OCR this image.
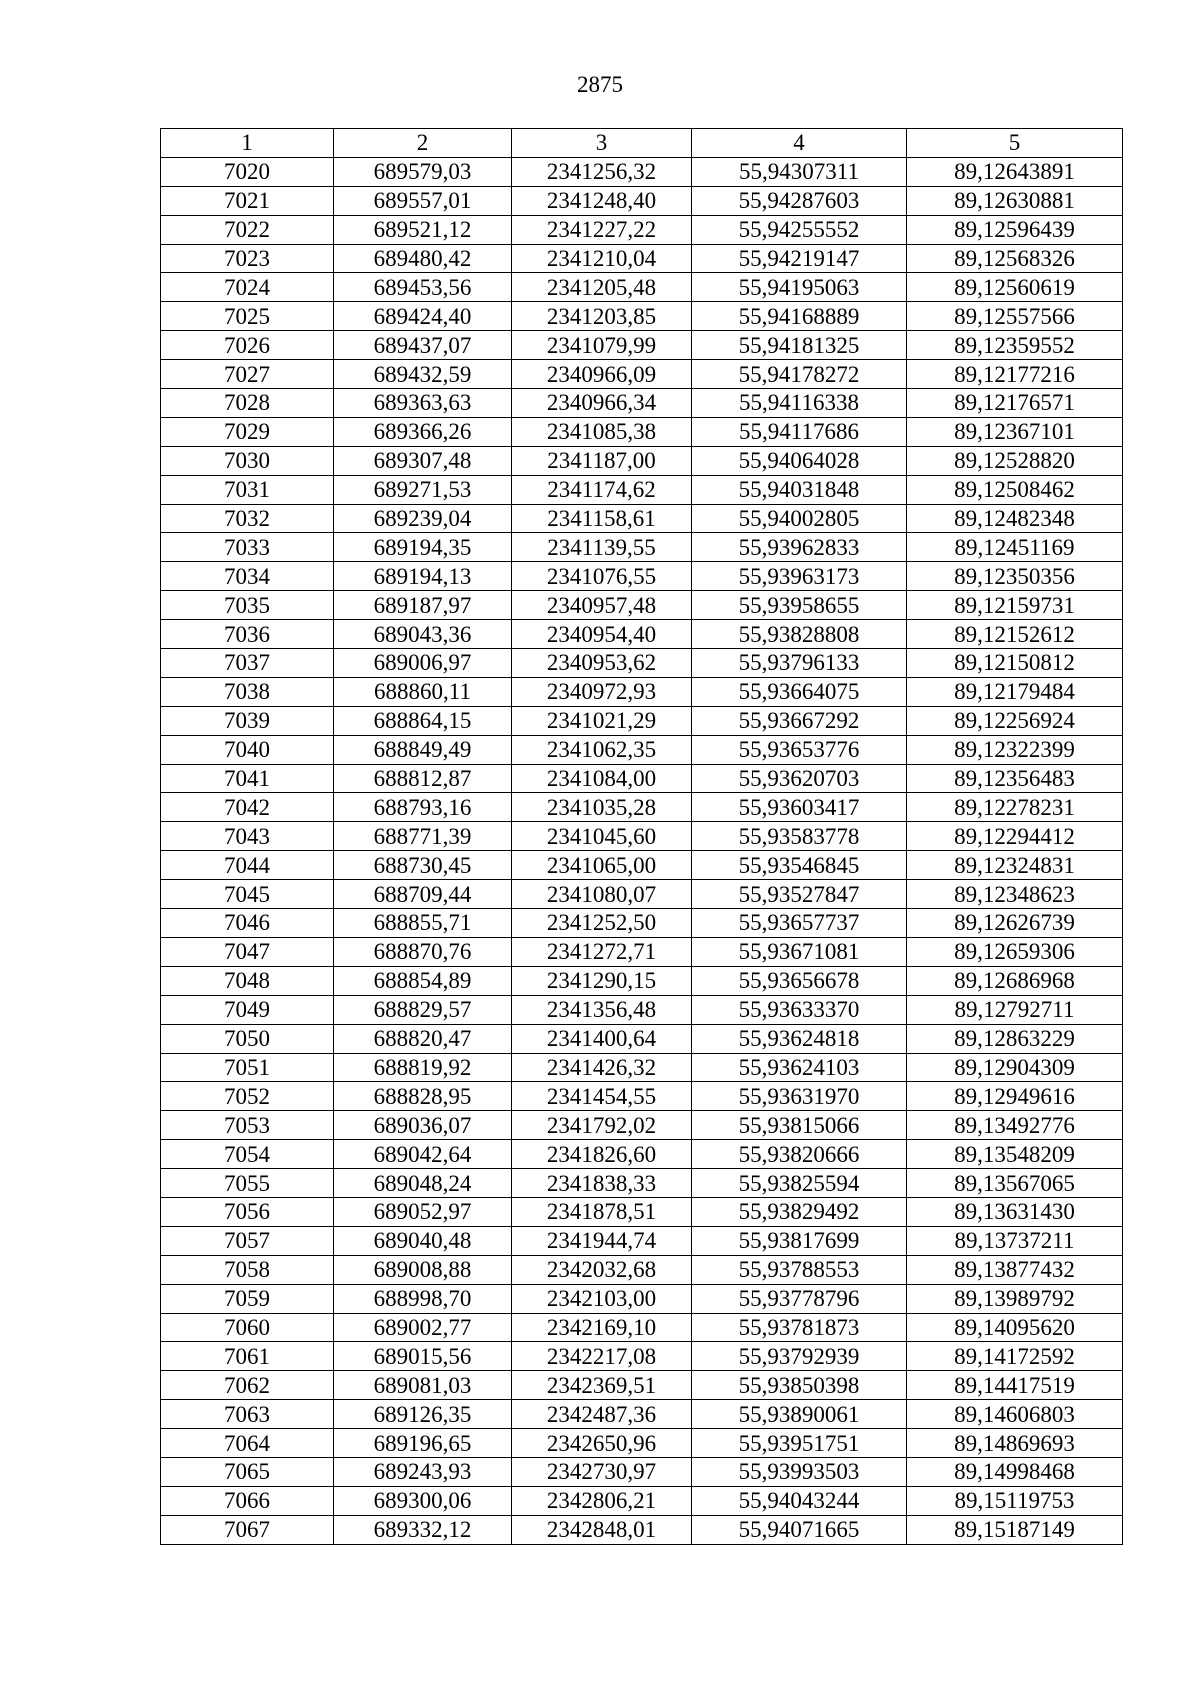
2875
1	2	3	4	5
7020	689579,03	2341256,32	55,94307311	89,12643891
7021	689557,01	2341248,40	55,94287603	89,12630881
7022	689521,12	2341227,22	55,94255552	89,12596439
7023	689480,42	2341210,04	55,94219147	89,12568326
7024	689453,56	2341205,48	55,94195063	89,12560619
7025	689424,40	2341203,85	55,94168889	89,12557566
7026	689437,07	2341079,99	55,94181325	89,12359552
7027	689432,59	2340966,09	55,94178272	89,12177216
7028	689363,63	2340966,34	55,94116338	89,12176571
7029	689366,26	2341085,38	55,94117686	89,12367101
7030	689307,48	2341187,00	55,94064028	89,12528820
7031	689271,53	2341174,62	55,94031848	89,12508462
7032	689239,04	2341158,61	55,94002805	89,12482348
7033	689194,35	2341139,55	55,93962833	89,12451169
7034	689194,13	2341076,55	55,93963173	89,12350356
7035	689187,97	2340957,48	55,93958655	89,12159731
7036	689043,36	2340954,40	55,93828808	89,12152612
7037	689006,97	2340953,62	55,93796133	89,12150812
7038	688860,11	2340972,93	55,93664075	89,12179484
7039	688864,15	2341021,29	55,93667292	89,12256924
7040	688849,49	2341062,35	55,93653776	89,12322399
7041	688812,87	2341084,00	55,93620703	89,12356483
7042	688793,16	2341035,28	55,93603417	89,12278231
7043	688771,39	2341045,60	55,93583778	89,12294412
7044	688730,45	2341065,00	55,93546845	89,12324831
7045	688709,44	2341080,07	55,93527847	89,12348623
7046	688855,71	2341252,50	55,93657737	89,12626739
7047	688870,76	2341272,71	55,93671081	89,12659306
7048	688854,89	2341290,15	55,93656678	89,12686968
7049	688829,57	2341356,48	55,93633370	89,12792711
7050	688820,47	2341400,64	55,93624818	89,12863229
7051	688819,92	2341426,32	55,93624103	89,12904309
7052	688828,95	2341454,55	55,93631970	89,12949616
7053	689036,07	2341792,02	55,93815066	89,13492776
7054	689042,64	2341826,60	55,93820666	89,13548209
7055	689048,24	2341838,33	55,93825594	89,13567065
7056	689052,97	2341878,51	55,93829492	89,13631430
7057	689040,48	2341944,74	55,93817699	89,13737211
7058	689008,88	2342032,68	55,93788553	89,13877432
7059	688998,70	2342103,00	55,93778796	89,13989792
7060	689002,77	2342169,10	55,93781873	89,14095620
7061	689015,56	2342217,08	55,93792939	89,14172592
7062	689081,03	2342369,51	55,93850398	89,14417519
7063	689126,35	2342487,36	55,93890061	89,14606803
7064	689196,65	2342650,96	55,93951751	89,14869693
7065	689243,93	2342730,97	55,93993503	89,14998468
7066	689300,06	2342806,21	55,94043244	89,15119753
7067	689332,12	2342848,01	55,94071665	89,15187149
